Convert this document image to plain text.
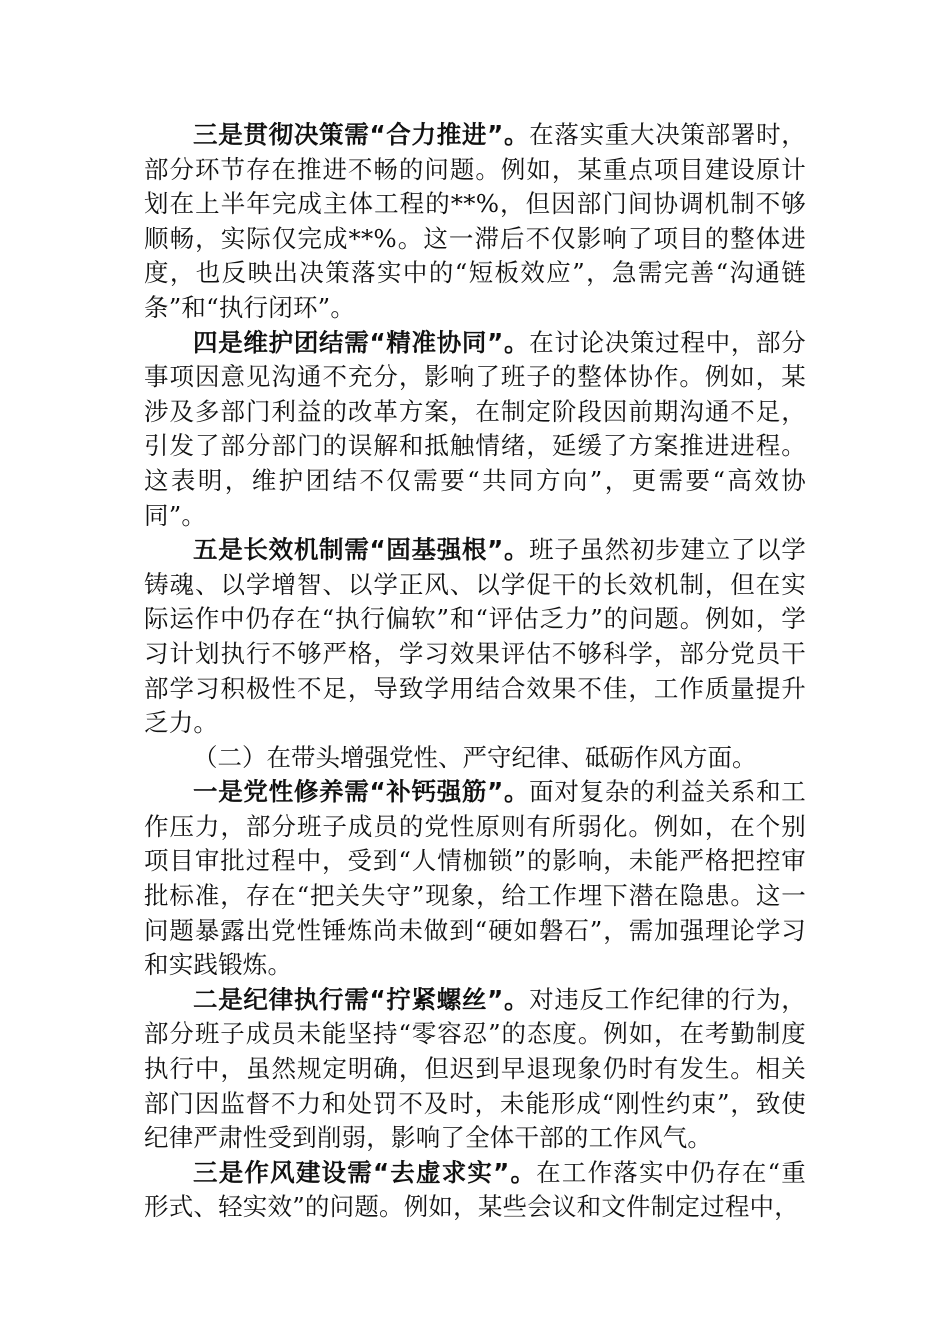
三是贯彻决策需“合力推进”。在落实重大决策部署时，部分环节存在推进不畅的问题。例如，某重点项目建设原计划在上半年完成主体工程的**%，但因部门间协调机制不够顺畅，实际仅完成**%。这一滞后不仅影响了项目的整体进度，也反映出决策落实中的“短板效应”，急需完善“沟通链条”和“执行闭环”。

四是维护团结需“精准协同”。在讨论决策过程中，部分事项因意见沟通不充分，影响了班子的整体协作。例如，某涉及多部门利益的改革方案，在制定阶段因前期沟通不足，引发了部分部门的误解和抵触情绪，延缓了方案推进进程。这表明，维护团结不仅需要“共同方向”，更需要“高效协同”。

五是长效机制需“固基强根”。班子虽然初步建立了以学铸魂、以学增智、以学正风、以学促干的长效机制，但在实际运作中仍存在“执行偏软”和“评估乏力”的问题。例如，学习计划执行不够严格，学习效果评估不够科学，部分党员干部学习积极性不足，导致学用结合效果不佳，工作质量提升乏力。

（二）在带头增强党性、严守纪律、砥砺作风方面。

一是党性修养需“补钙强筋”。面对复杂的利益关系和工作压力，部分班子成员的党性原则有所弱化。例如，在个别项目审批过程中，受到“人情枷锁”的影响，未能严格把控审批标准，存在“把关失守”现象，给工作埋下潜在隐患。这一问题暴露出党性锤炼尚未做到“硬如磐石”，需加强理论学习和实践锻炼。

二是纪律执行需“拧紧螺丝”。对违反工作纪律的行为，部分班子成员未能坚持“零容忍”的态度。例如，在考勤制度执行中，虽然规定明确，但迟到早退现象仍时有发生。相关部门因监督不力和处罚不及时，未能形成“刚性约束”，致使纪律严肃性受到削弱，影响了全体干部的工作风气。

三是作风建设需“去虚求实”。在工作落实中仍存在“重形式、轻实效”的问题。例如，某些会议和文件制定过程中，
